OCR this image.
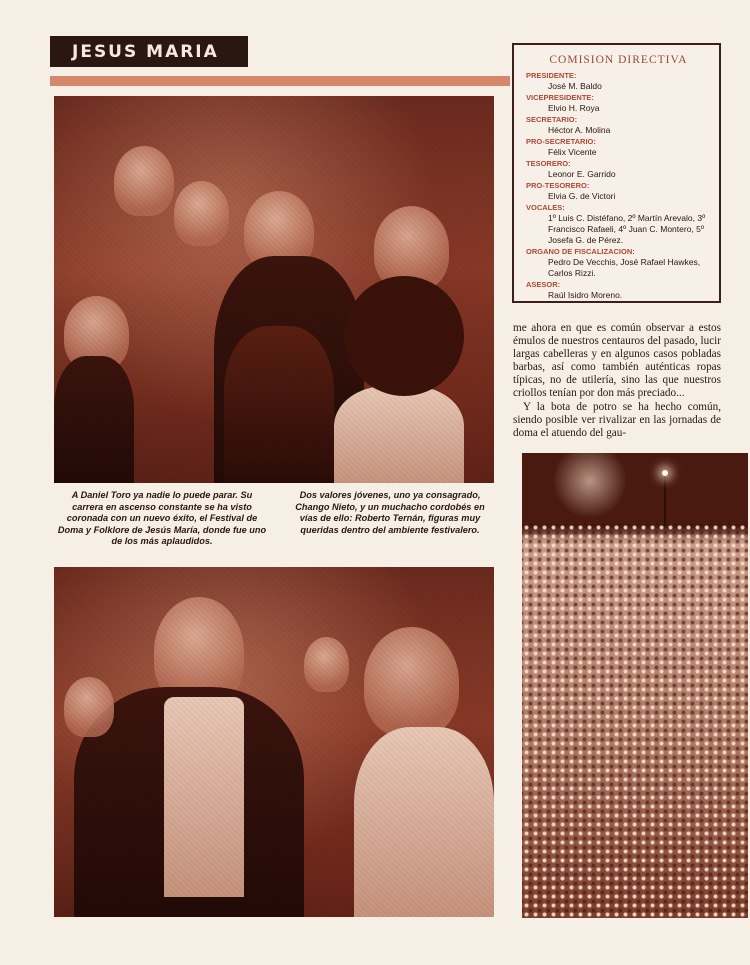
JESUS MARIA
A Daniel Toro ya nadie lo puede parar. Su carrera en ascenso constante se ha visto coronada con un nuevo éxito, el Festival de Doma y Folklore de Jesús María, donde fue uno de los más aplaudidos.
Dos valores jóvenes, uno ya consagrado, Chango Nieto, y un muchacho cordobés en vías de ello: Roberto Ternán, figuras muy queridas dentro del ambiente festivalero.
COMISION DIRECTIVA
PRESIDENTE:
José M. Baldo
VICEPRESIDENTE:
Elvio H. Roya
SECRETARIO:
Héctor A. Molina
PRO-SECRETARIO:
Félix Vicente
TESORERO:
Leonor E. Garrido
PRO-TESORERO:
Elvia G. de Victori
VOCALES:
1º Luis C. Distéfano, 2º Martín Arevalo, 3º Francisco Rafaeli, 4º Juan C. Montero, 5º Josefa G. de Pérez.
ORGANO DE FISCALIZACION:
Pedro De Vecchis, José Rafael Hawkes, Carlos Rizzi.
ASESOR:
Raúl Isidro Moreno.

me ahora en que es común observar a estos émulos de nuestros centauros del pasado, lucir largas cabelleras y en algunos casos pobladas barbas, así como también auténticas ropas típicas, no de utilería, sino las que nuestros criollos tenían por don más preciado...

Y la bota de potro se ha hecho común, siendo posible ver rivalizar en las jornadas de doma el atuendo del gau-
